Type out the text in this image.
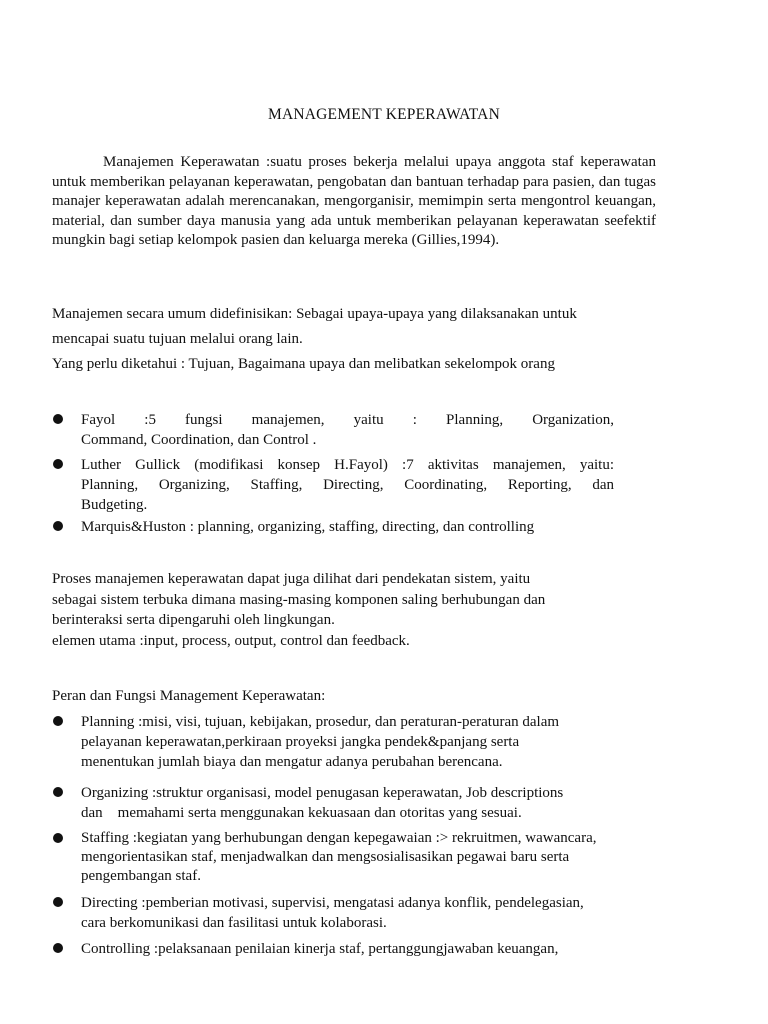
MANAGEMENT KEPERAWATAN
Manajemen Keperawatan :suatu proses bekerja melalui upaya anggota staf keperawatan untuk memberikan pelayanan keperawatan, pengobatan dan bantuan terhadap para pasien, dan tugas manajer keperawatan adalah merencanakan, mengorganisir, memimpin serta mengontrol keuangan, material, dan sumber daya manusia yang ada untuk memberikan pelayanan keperawatan seefektif mungkin bagi setiap kelompok pasien dan keluarga mereka (Gillies,1994).
Manajemen secara umum didefinisikan: Sebagai upaya-upaya yang dilaksanakan untuk
mencapai suatu tujuan melalui orang lain.
Yang perlu diketahui : Tujuan, Bagaimana upaya dan melibatkan sekelompok orang
Fayol :5 fungsi manajemen, yaitu : Planning, Organization,
Command, Coordination, dan Control .
Luther Gullick (modifikasi konsep H.Fayol) :7 aktivitas manajemen, yaitu:
Planning, Organizing, Staffing, Directing, Coordinating, Reporting, dan
Budgeting.
Marquis&Huston : planning, organizing, staffing, directing, dan controlling
Proses manajemen keperawatan dapat juga dilihat dari pendekatan sistem, yaitu
sebagai sistem terbuka dimana masing-masing komponen saling berhubungan dan
berinteraksi serta dipengaruhi oleh lingkungan.
elemen utama :input, process, output, control dan feedback.
Peran dan Fungsi Management Keperawatan:
Planning :misi, visi, tujuan, kebijakan, prosedur, dan peraturan-peraturan dalam
pelayanan keperawatan,perkiraan proyeksi jangka pendek&panjang serta
menentukan jumlah biaya dan mengatur adanya perubahan berencana.
Organizing :struktur organisasi, model penugasan keperawatan, Job descriptions
dan    memahami serta menggunakan kekuasaan dan otoritas yang sesuai.
Staffing :kegiatan yang berhubungan dengan kepegawaian :> rekruitmen, wawancara,
mengorientasikan staf, menjadwalkan dan mengsosialisasikan pegawai baru serta
pengembangan staf.
Directing :pemberian motivasi, supervisi, mengatasi adanya konflik, pendelegasian,
cara berkomunikasi dan fasilitasi untuk kolaborasi.
Controlling :pelaksanaan penilaian kinerja staf, pertanggungjawaban keuangan,
